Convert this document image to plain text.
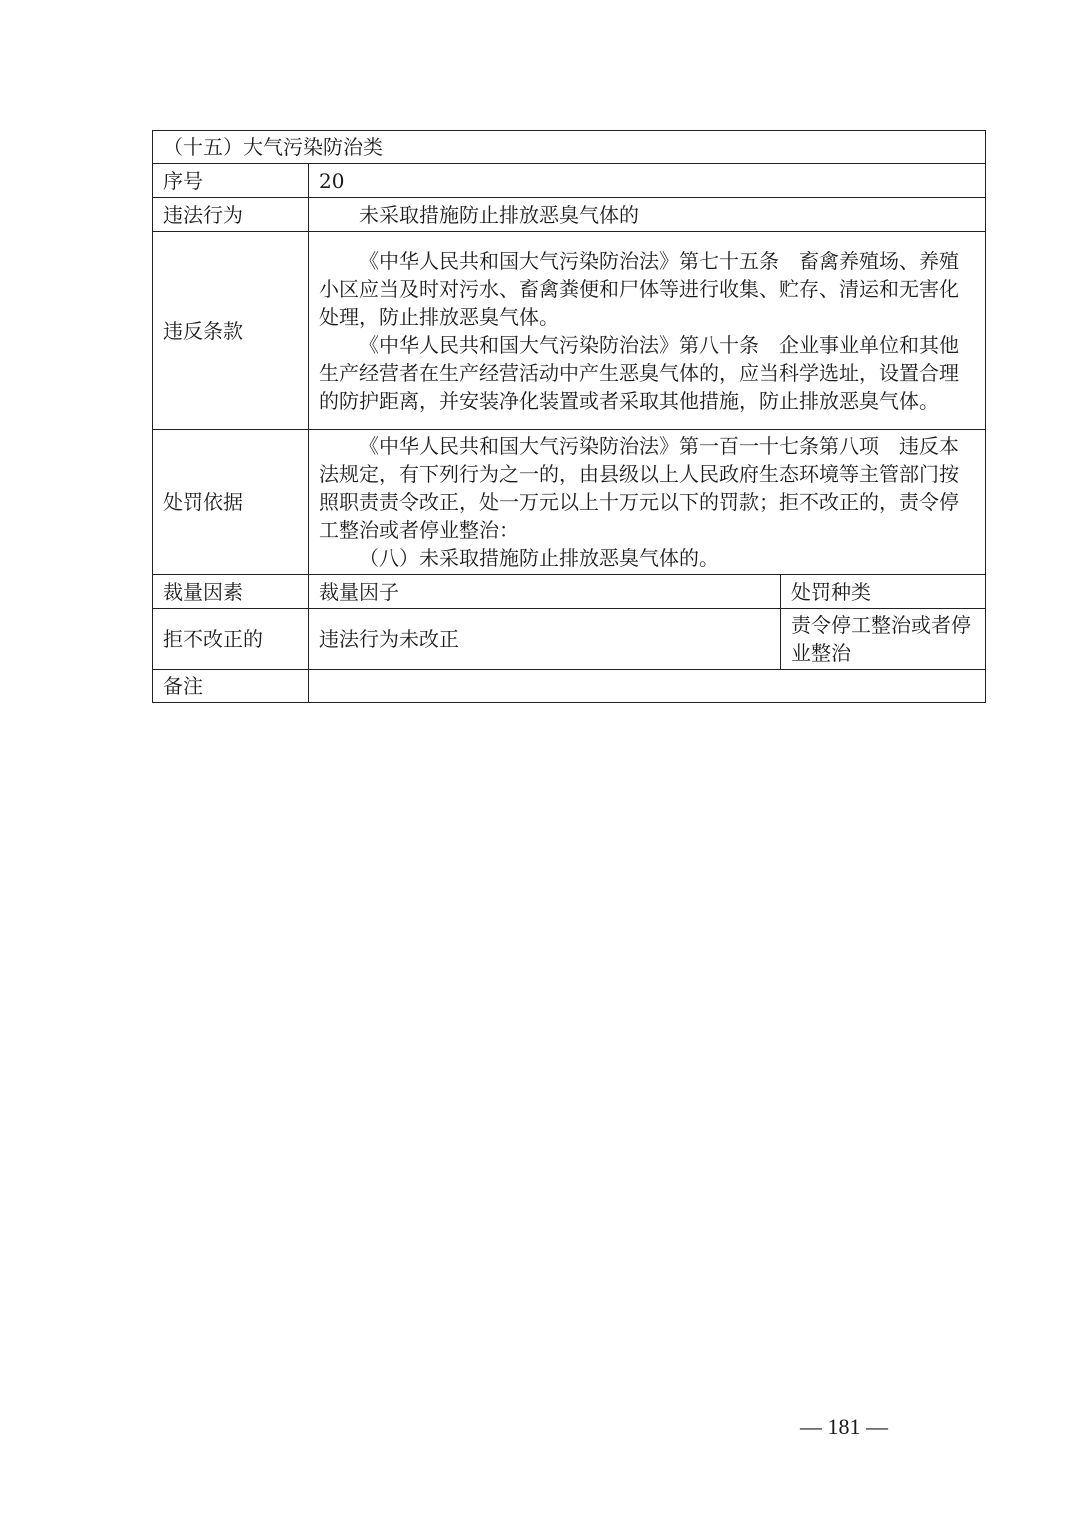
（十五）大气污染防治类		
序号	20	
违法行为	未采取措施防止排放恶臭气体的	

违反条款	《中华人民共和国大气污染防治法》第七十五条　畜禽养殖场、养殖小区应当及时对污水、畜禽粪便和尸体等进行收集、贮存、清运和无害化处理，防止排放恶臭气体。

《中华人民共和国大气污染防治法》第八十条　企业事业单位和其他生产经营者在生产经营活动中产生恶臭气体的，应当科学选址，设置合理的防护距离，并安装净化装置或者采取其他措施，防止排放恶臭气体。	

处罚依据	《中华人民共和国大气污染防治法》第一百一十七条第八项　违反本法规定，有下列行为之一的，由县级以上人民政府生态环境等主管部门按照职责责令改正，处一万元以上十万元以下的罚款；拒不改正的，责令停工整治或者停业整治：

（八）未采取措施防止排放恶臭气体的。	

裁量因素	裁量因子	处罚种类
拒不改正的	违法行为未改正	责令停工整治或者停业整治
备注		
— 181 —
